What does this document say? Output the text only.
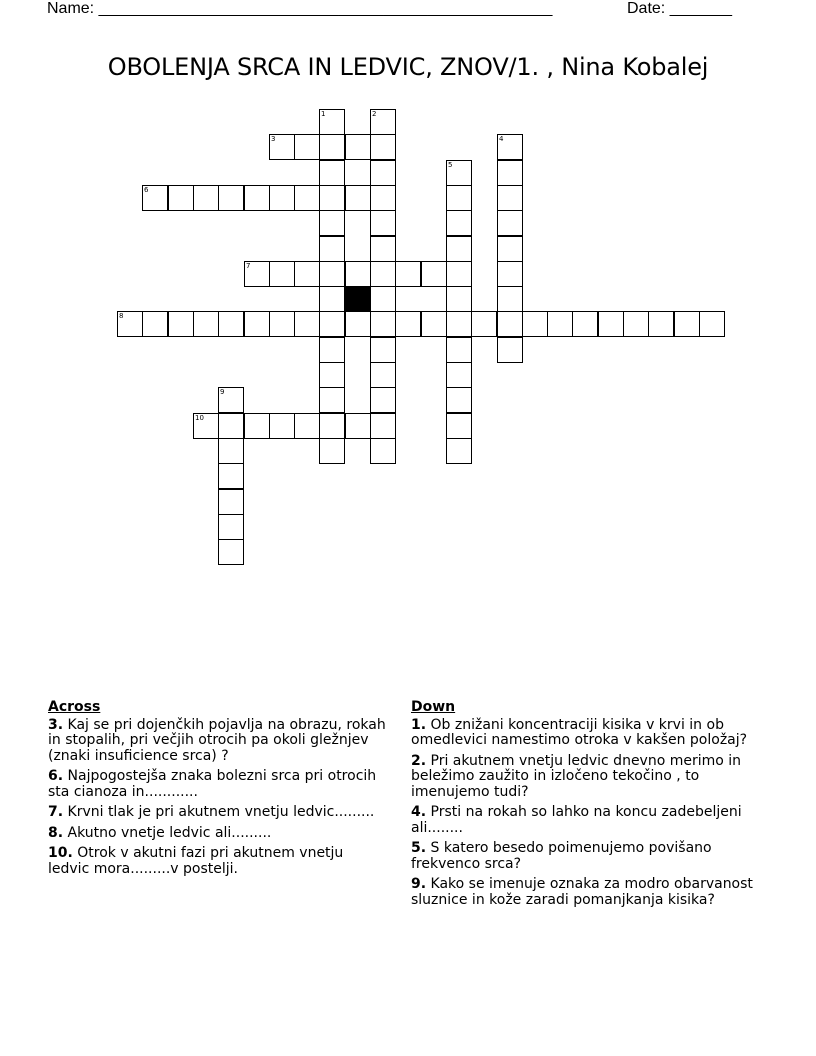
Name: ___________________________________________________	Date: _______
OBOLENJA SRCA IN LEDVIC, ZNOV/1. , Nina Kobalej
1	2
3	4
5
6
7
8
9
10
Across
3. Kaj se pri dojenčkih pojavlja na obrazu, rokah in stopalih, pri večjih otrocih pa okoli gležnjev (znaki insuficience srca) ?
6. Najpogostejša znaka bolezni srca pri otrocih sta cianoza in............
7. Krvni tlak je pri akutnem vnetju ledvic.........
8. Akutno vnetje ledvic ali.........
10. Otrok v akutni fazi pri akutnem vnetju ledvic mora.........v postelji.
Down
1. Ob znižani koncentraciji kisika v krvi in ob omedlevici namestimo otroka v kakšen položaj?
2. Pri akutnem vnetju ledvic dnevno merimo in beležimo zaužito in izločeno tekočino , to imenujemo tudi?
4. Prsti na rokah so lahko na koncu zadebeljeni ali........
5. S katero besedo poimenujemo povišano frekvenco srca?
9. Kako se imenuje oznaka za modro obarvanost sluznice in kože zaradi pomanjkanja kisika?
